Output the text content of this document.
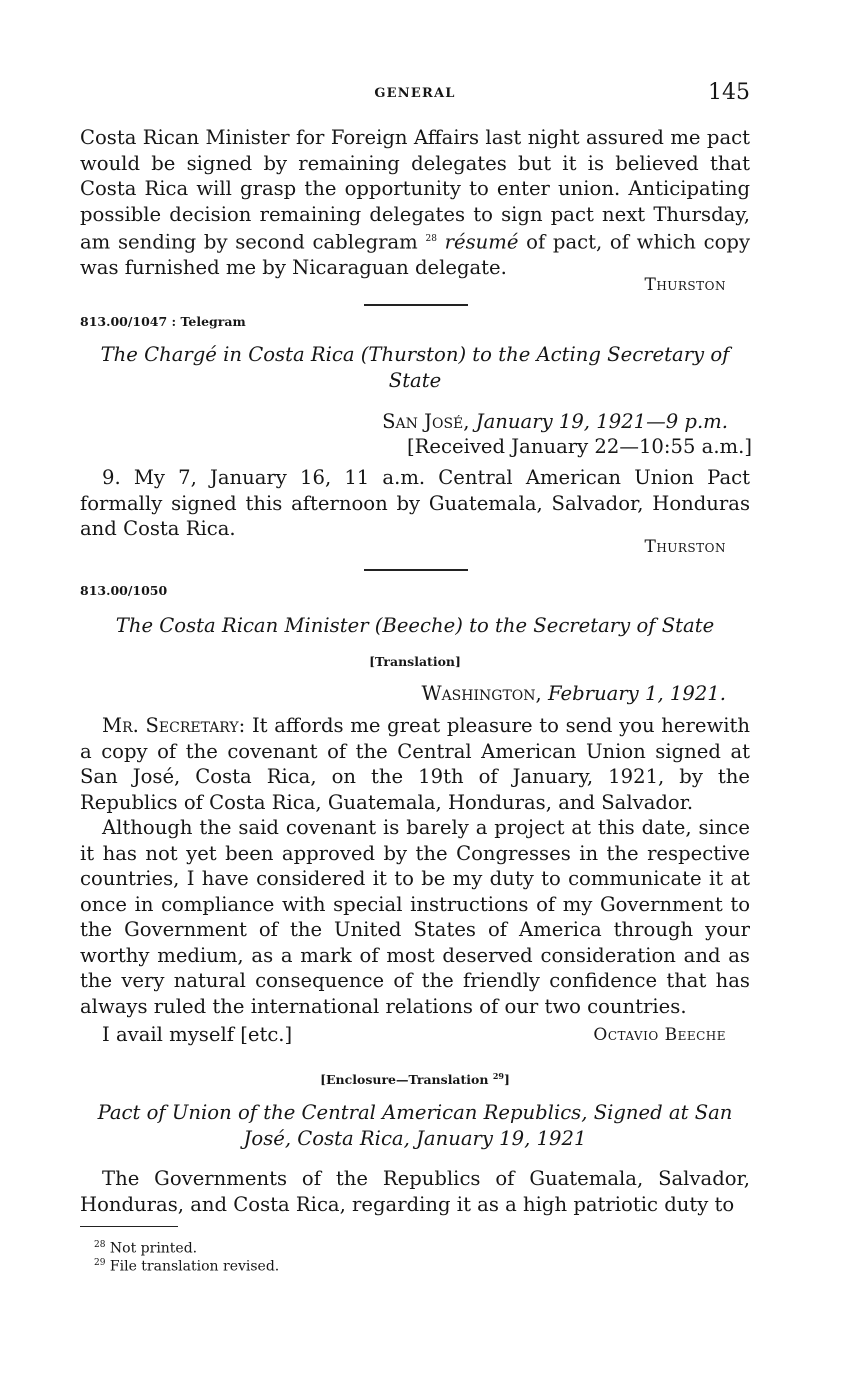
GENERAL	145

Costa Rican Minister for Foreign Affairs last night assured me pact would be signed by remaining delegates but it is believed that Costa Rica will grasp the opportunity to enter union. Anticipating possible decision remaining delegates to sign pact next Thursday, am sending by second cablegram $^{28}$ résumé of pact, of which copy was furnished me by Nicaraguan delegate.

Thurston
813.00/1047 : Telegram
The Chargé in Costa Rica (Thurston) to the Acting Secretary of State
San José, January 19, 1921—9 p.m.
[Received January 22—10:55 a.m.]

9. My 7, January 16, 11 a.m. Central American Union Pact formally signed this afternoon by Guatemala, Salvador, Honduras and Costa Rica.

Thurston
813.00/1050
The Costa Rican Minister (Beeche) to the Secretary of State
[Translation]
Washington, February 1, 1921.

Mr. Secretary: It affords me great pleasure to send you herewith a copy of the covenant of the Central American Union signed at San José, Costa Rica, on the 19th of January, 1921, by the Republics of Costa Rica, Guatemala, Honduras, and Salvador.

Although the said covenant is barely a project at this date, since it has not yet been approved by the Congresses in the respective countries, I have considered it to be my duty to communicate it at once in compliance with special instructions of my Government to the Government of the United States of America through your worthy medium, as a mark of most deserved consideration and as the very natural consequence of the friendly confidence that has always ruled the international relations of our two countries.

I avail myself [etc.]	Octavio Beeche
[Enclosure—Translation $^{29}$]
Pact of Union of the Central American Republics, Signed at San
José, Costa Rica, January 19, 1921

The Governments of the Republics of Guatemala, Salvador, Honduras, and Costa Rica, regarding it as a high patriotic duty to

$^{28}$ Not printed.
$^{29}$ File translation revised.
